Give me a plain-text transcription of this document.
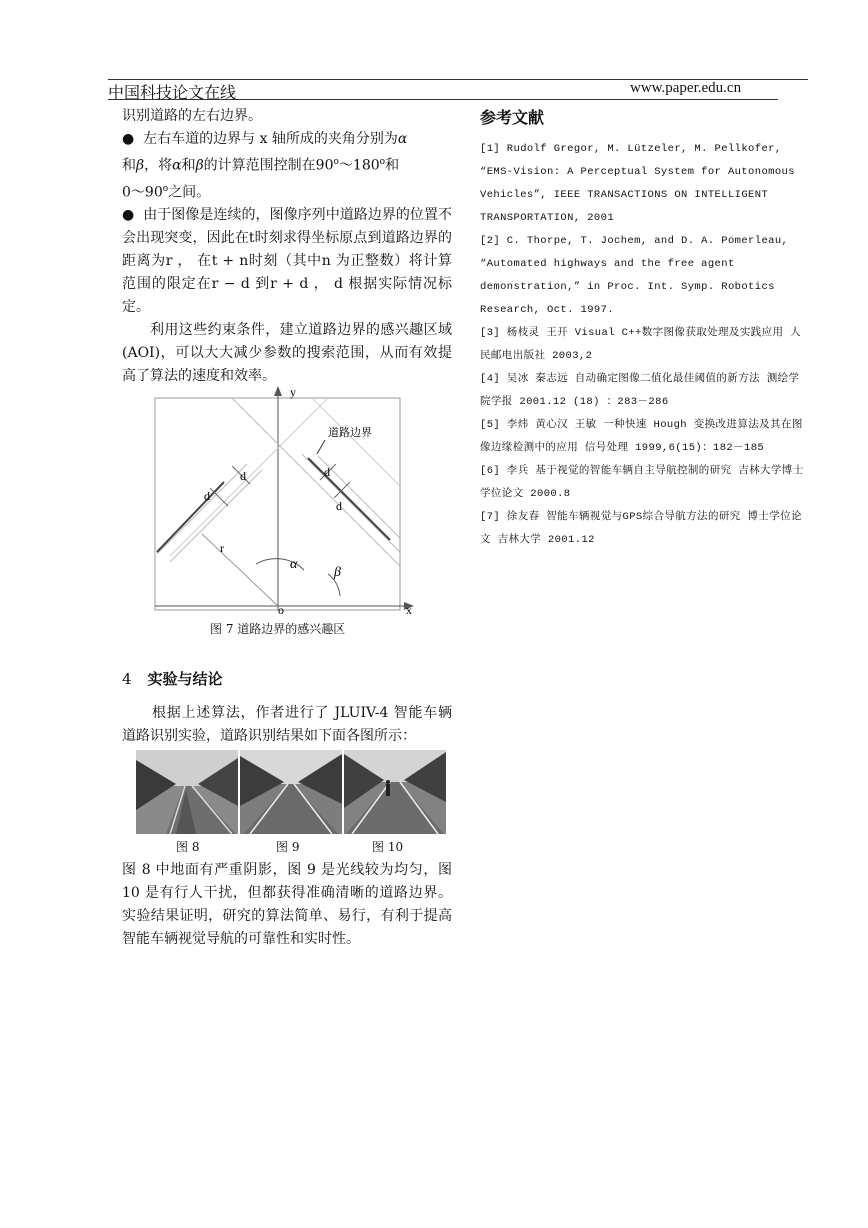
中国科技论文在线	www.paper.edu.cn

识别道路的左右边界。

●  左右车道的边界与 x 轴所成的夹角分别为α
和β，将α和β的计算范围控制在90$^o$～180$^o$和
0～90$^o$之间。

●  由于图像是连续的，图像序列中道路边界的位置不会出现突变，因此在t时刻求得坐标原点到道路边界的距离为r ， 在t + n时刻（其中n 为正整数）将计算范围的限定在r − d 到r + d ， d 根据实际情况标定。

利用这些约束条件，建立道路边界的感兴趣区域(AOI)，可以大大减少参数的搜索范围，从而有效提高了算法的速度和效率。

y
x
o
道路边界
d
d
d
d
r
α
β
图 7 道路边界的感兴趣区
4 实验与结论

根据上述算法，作者进行了 JLUIV-4 智能车辆道路识别实验，道路识别结果如下面各图所示：

图 8	图 9	图 10

图 8 中地面有严重阴影，图 9 是光线较为均匀，图 10 是有行人干扰，但都获得准确清晰的道路边界。实验结果证明，研究的算法简单、易行，有利于提高智能车辆视觉导航的可靠性和实时性。

参考文献

[1] Rudolf Gregor, M. Lützeler, M. Pellkofer, “EMS-Vision: A Perceptual System for Autonomous Vehicles”, IEEE TRANSACTIONS ON INTELLIGENT TRANSPORTATION, 2001

[2] C. Thorpe, T. Jochem, and D. A. Pomerleau, “Automated highways and the free agent demonstration,” in Proc. Int. Symp. Robotics Research, Oct. 1997.

[3] 杨枝灵 王开 Visual C++数字图像获取处理及实践应用 人民邮电出版社 2003,2

[4] 吴冰 秦志远 自动确定图像二值化最佳阈值的新方法 测绘学院学报 2001.12 (18) ：283－286

[5] 李炜 黄心汉 王敏 一种快速 Hough 变换改进算法及其在图像边缘检测中的应用 信号处理 1999,6(15)：182－185

[6] 李兵 基于视觉的智能车辆自主导航控制的研究 吉林大学博士学位论文 2000.8

[7] 徐友春 智能车辆视觉与GPS综合导航方法的研究 博士学位论文 吉林大学 2001.12
